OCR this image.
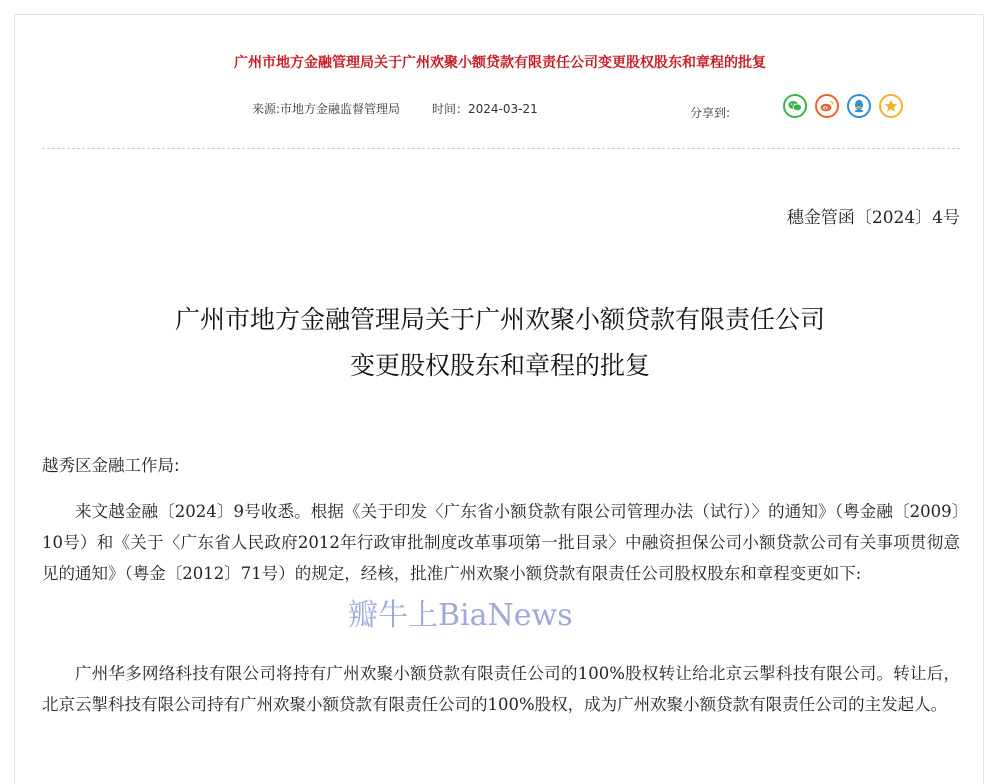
广州市地方金融管理局关于广州欢聚小额贷款有限责任公司变更股权股东和章程的批复
来源:市地方金融监督管理局	时间：2024-03-21	分享到:
穗金管函〔2024〕4号
广州市地方金融管理局关于广州欢聚小额贷款有限责任公司
变更股权股东和章程的批复
越秀区金融工作局:

来文越金融〔2024〕9号收悉。根据《关于印发〈广东省小额贷款有限公司管理办法（试行）〉的通知》（粤金融〔2009〕10号）和《关于〈广东省人民政府2012年行政审批制度改革事项第一批目录〉中融资担保公司小额贷款公司有关事项贯彻意见的通知》（粤金〔2012〕71号）的规定，经核，批准广州欢聚小额贷款有限责任公司股权股东和章程变更如下:

广州华多网络科技有限公司将持有广州欢聚小额贷款有限责任公司的100%股权转让给北京云掣科技有限公司。转让后，北京云掣科技有限公司持有广州欢聚小额贷款有限责任公司的100%股权，成为广州欢聚小额贷款有限责任公司的主发起人。

瓣牛上BiaNews
